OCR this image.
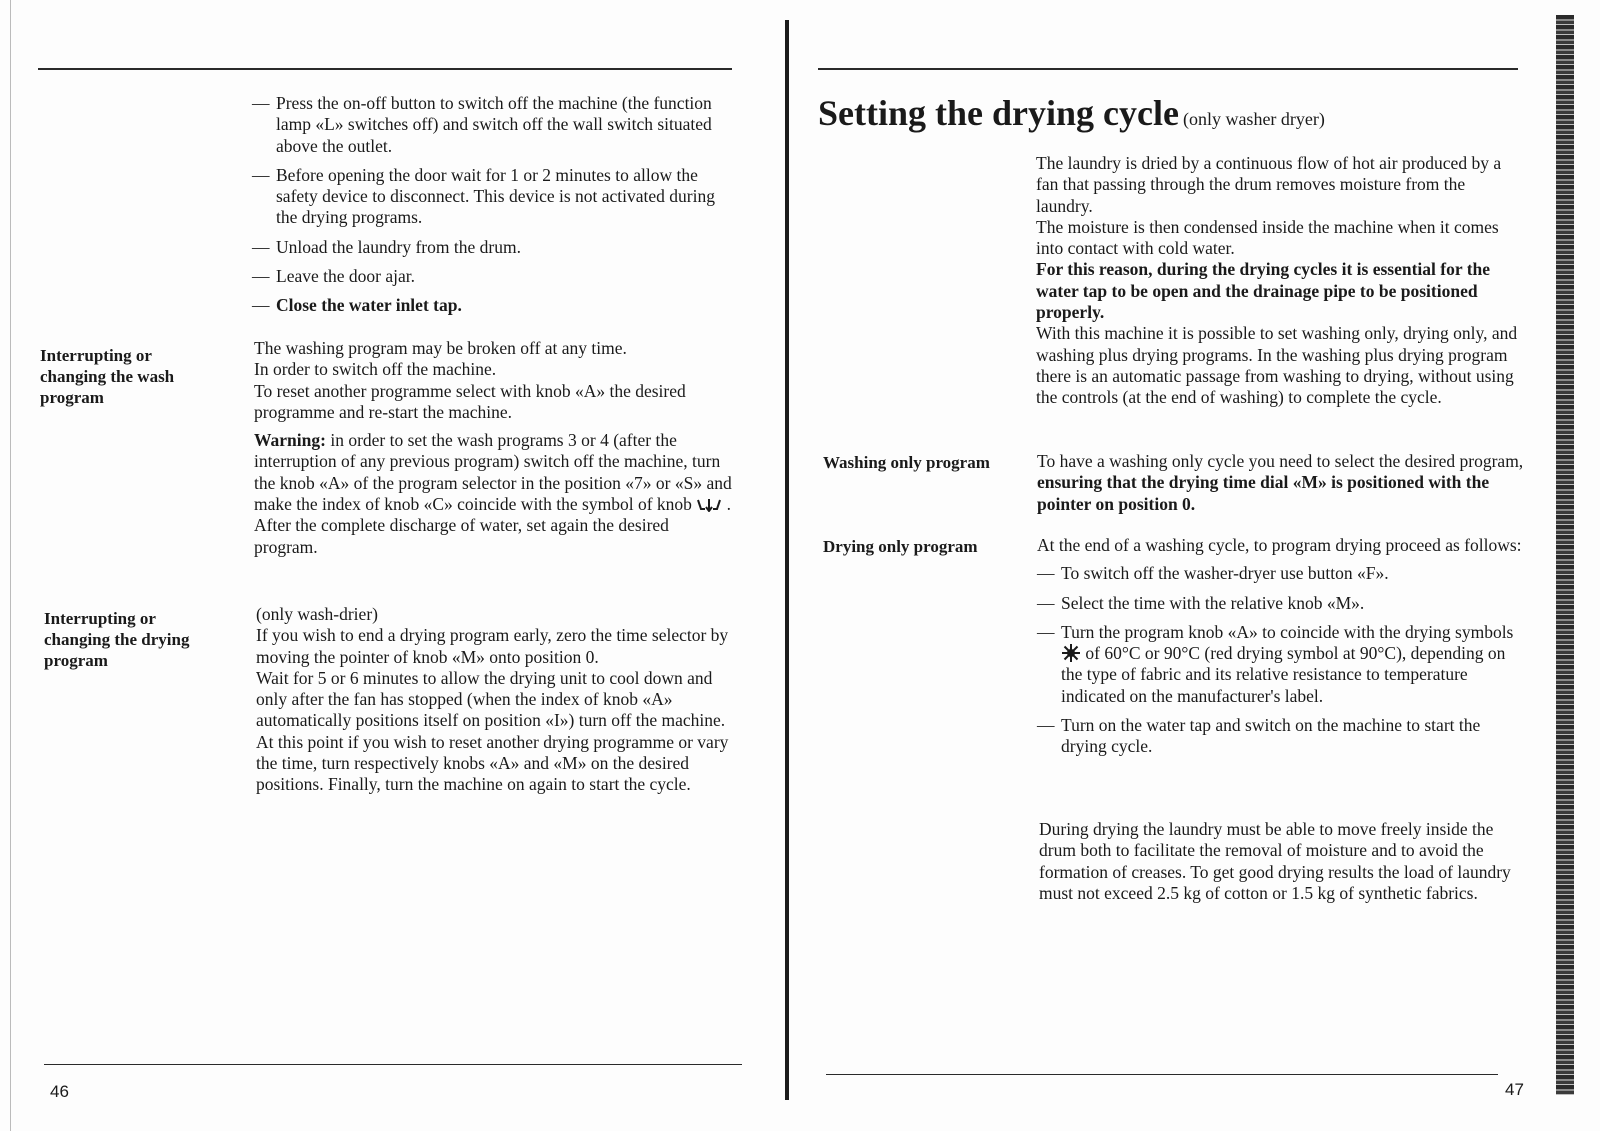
— Press the on-off button to switch off the machine (the function lamp «L» switches off) and switch off the wall switch situated above the outlet.
— Before opening the door wait for 1 or 2 minutes to allow the safety device to disconnect. This device is not activated during the drying programs.
— Unload the laundry from the drum.
— Leave the door ajar.
— Close the water inlet tap.
Interrupting or changing the wash program
The washing program may be broken off at any time.
In order to switch off the machine.

To reset another programme select with knob «A» the desired programme and re-start the machine.

Warning: in order to set the wash programs 3 or 4 (after the interruption of any previous program) switch off the machine, turn the knob «A» of the program selector in the position «7» or «S» and make the index of knob «C» coincide with the symbol of knob .
After the complete discharge of water, set again the desired program.
Interrupting or changing the drying program
(only wash-drier)
If you wish to end a drying program early, zero the time selector by moving the pointer of knob «M» onto position 0.
Wait for 5 or 6 minutes to allow the drying unit to cool down and only after the fan has stopped (when the index of knob «A» automatically positions itself on position «I») turn off the machine. At this point if you wish to reset another drying programme or vary the time, turn respectively knobs «A» and «M» on the desired positions. Finally, turn the machine on again to start the cycle.
46
Setting the drying cycle (only washer dryer)
The laundry is dried by a continuous flow of hot air produced by a fan that passing through the drum removes moisture from the laundry.
The moisture is then condensed inside the machine when it comes into contact with cold water.
For this reason, during the drying cycles it is essential for the water tap to be open and the drainage pipe to be positioned properly.
With this machine it is possible to set washing only, drying only, and washing plus drying programs. In the washing plus drying program there is an automatic passage from washing to drying, without using the controls (at the end of washing) to complete the cycle.
Washing only program	To have a washing only cycle you need to select the desired program, ensuring that the drying time dial «M» is positioned with the pointer on position 0.
Drying only program	At the end of a washing cycle, to program drying proceed as follows:

— To switch off the washer-dryer use button «F».
— Select the time with the relative knob «M».
— Turn the program knob «A» to coincide with the drying symbols  of 60°C or 90°C (red drying symbol at 90°C), depending on the type of fabric and its relative resistance to temperature indicated on the manufacturer's label.
— Turn on the water tap and switch on the machine to start the drying cycle.
During drying the laundry must be able to move freely inside the drum both to facilitate the removal of moisture and to avoid the formation of creases. To get good drying results the load of laundry must not exceed 2.5 kg of cotton or 1.5 kg of synthetic fabrics.
47
